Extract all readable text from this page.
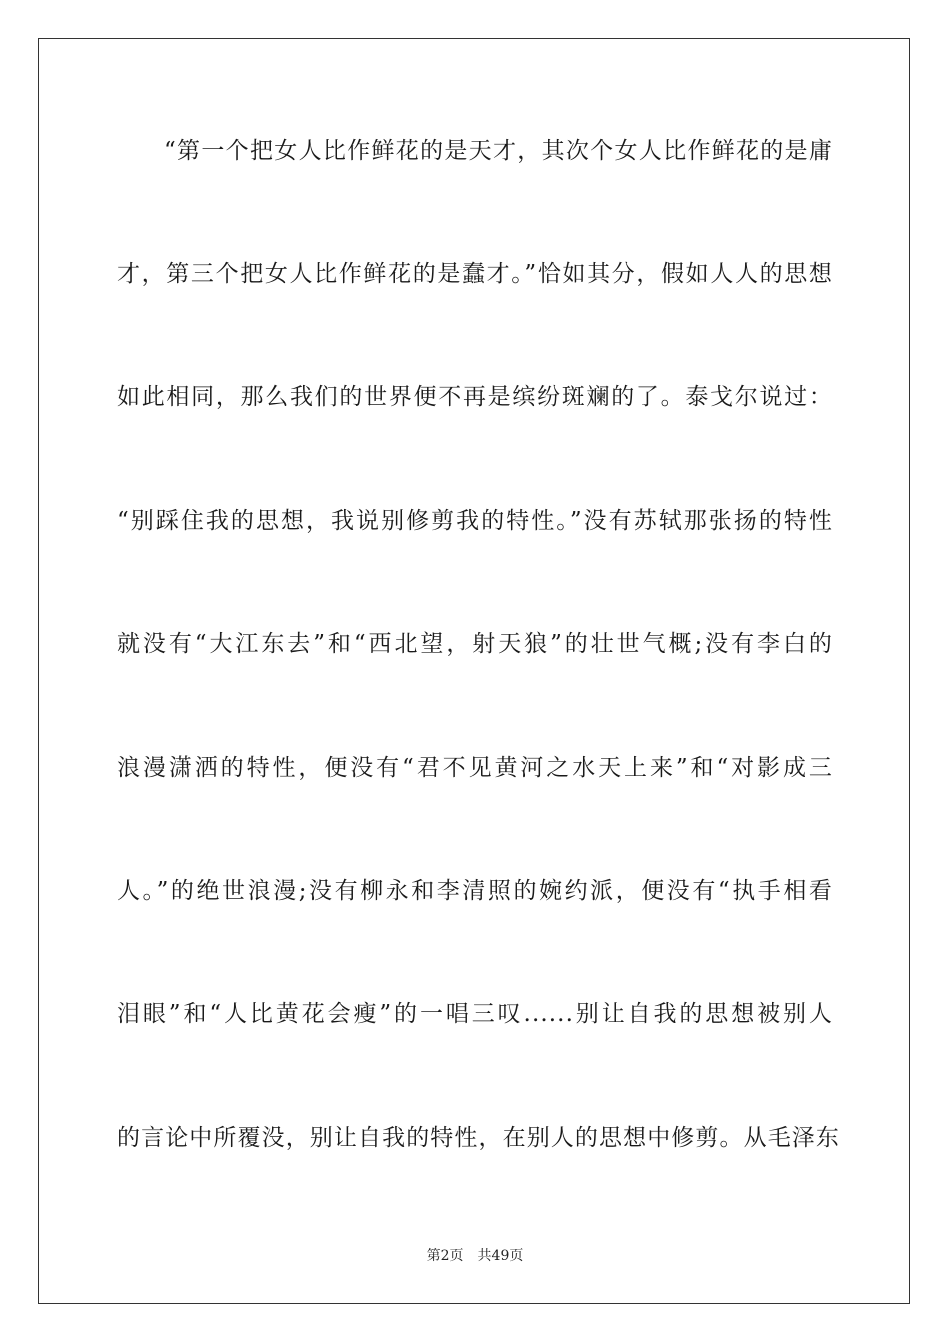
“第一个把女人比作鲜花的是天才，其次个女人比作鲜花的是庸
才，第三个把女人比作鲜花的是蠢才。”恰如其分，假如人人的思想
如此相同，那么我们的世界便不再是缤纷斑斓的了。泰戈尔说过：
“别踩住我的思想，我说别修剪我的特性。”没有苏轼那张扬的特性
就没有“大江东去”和“西北望，射天狼”的壮世气概;没有李白的
浪漫潇洒的特性，便没有“君不见黄河之水天上来”和“对影成三
人。”的绝世浪漫;没有柳永和李清照的婉约派，便没有“执手相看
泪眼”和“人比黄花会瘦”的一唱三叹......别让自我的思想被别人
的言论中所覆没，别让自我的特性，在别人的思想中修剪。从毛泽东
第2页 共49页
